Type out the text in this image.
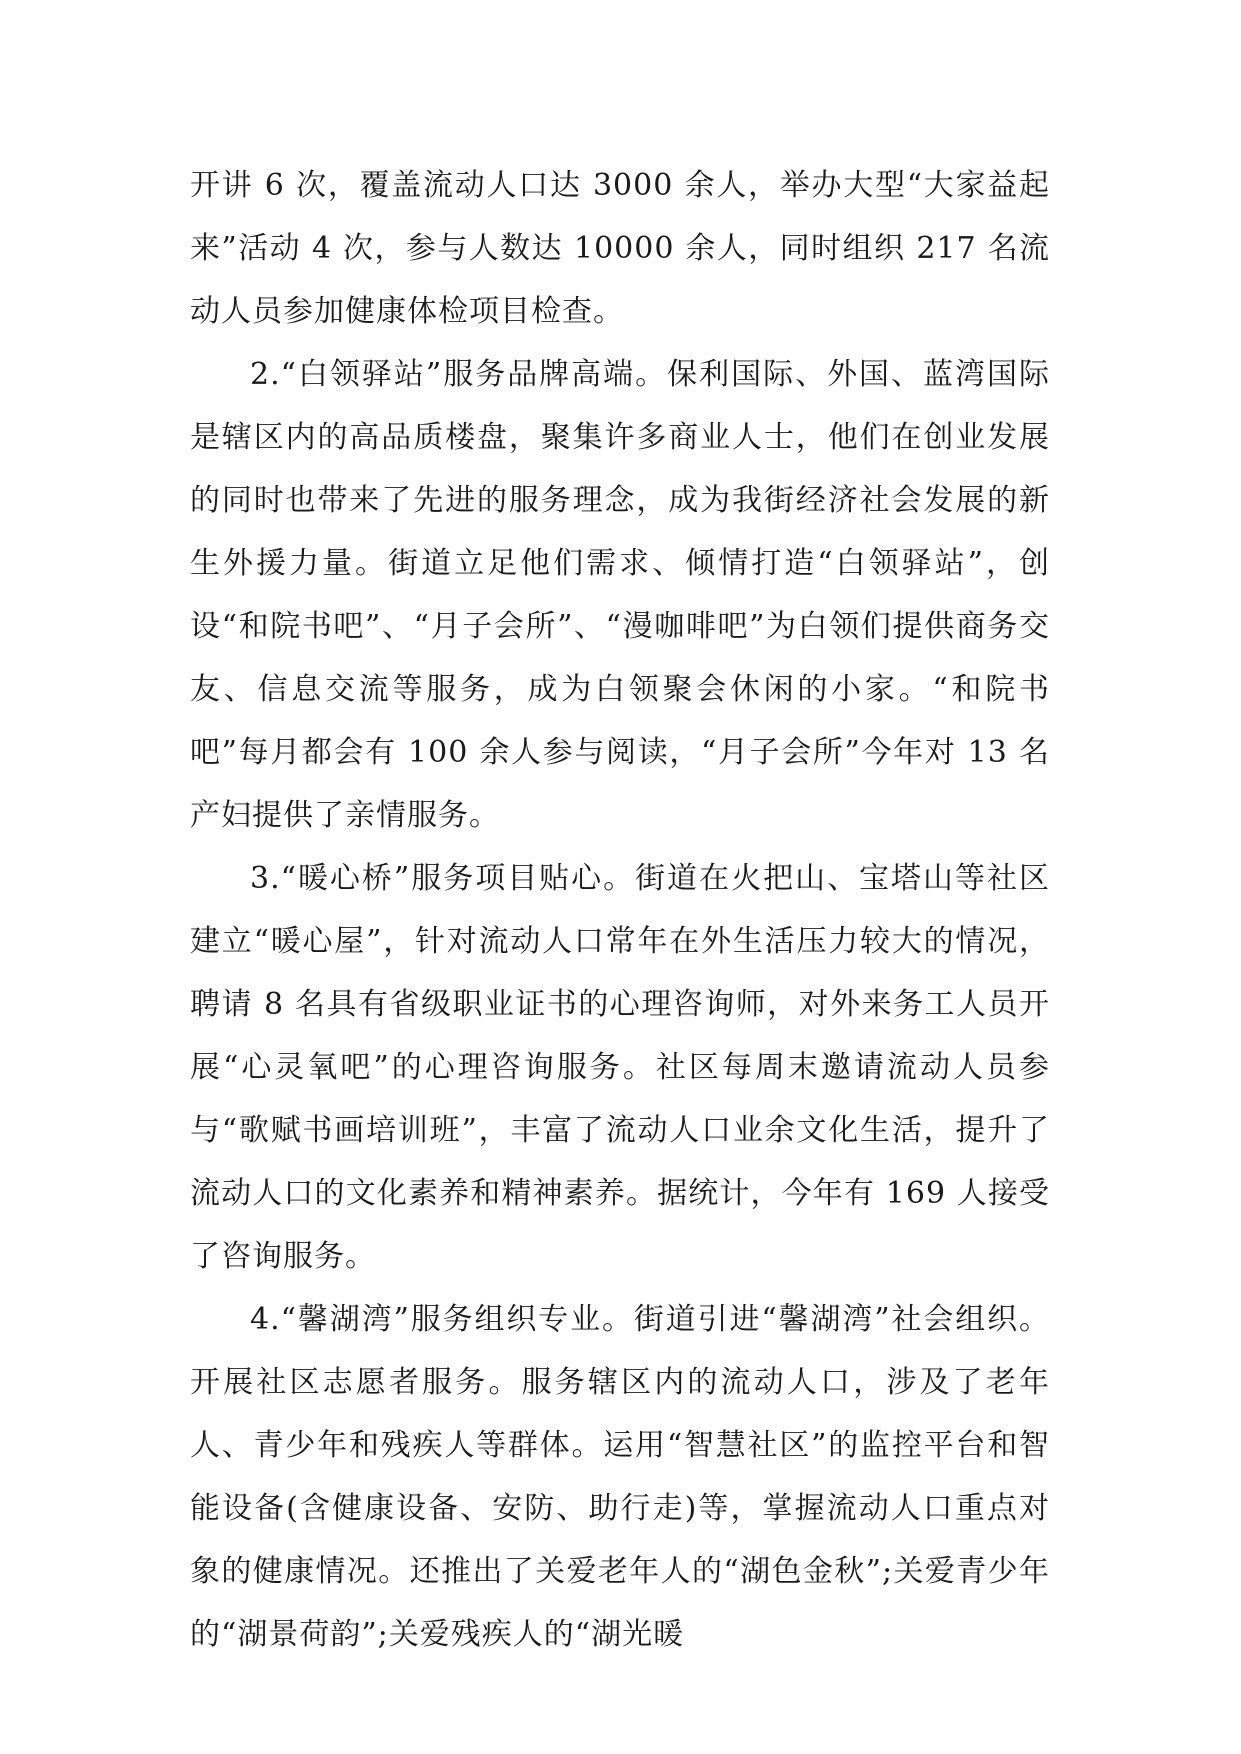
开讲 6 次，覆盖流动人口达 3000 余人，举办大型“大家益起来”活动 4 次，参与人数达 10000 余人，同时组织 217 名流动人员参加健康体检项目检查。

2.“白领驿站”服务品牌高端。保利国际、外国、蓝湾国际是辖区内的高品质楼盘，聚集许多商业人士，他们在创业发展的同时也带来了先进的服务理念，成为我街经济社会发展的新生外援力量。街道立足他们需求、倾情打造“白领驿站”，创设“和院书吧”、“月子会所”、“漫咖啡吧”为白领们提供商务交友、信息交流等服务，成为白领聚会休闲的小家。“和院书吧”每月都会有 100 余人参与阅读，“月子会所”今年对 13 名产妇提供了亲情服务。

3.“暖心桥”服务项目贴心。街道在火把山、宝塔山等社区建立“暖心屋”，针对流动人口常年在外生活压力较大的情况，聘请 8 名具有省级职业证书的心理咨询师，对外来务工人员开展“心灵氧吧”的心理咨询服务。社区每周末邀请流动人员参与“歌赋书画培训班”，丰富了流动人口业余文化生活，提升了流动人口的文化素养和精神素养。据统计，今年有 169 人接受了咨询服务。

4.“馨湖湾”服务组织专业。街道引进“馨湖湾”社会组织。开展社区志愿者服务。服务辖区内的流动人口，涉及了老年人、青少年和残疾人等群体。运用“智慧社区”的监控平台和智能设备(含健康设备、安防、助行走)等，掌握流动人口重点对象的健康情况。还推出了关爱老年人的“湖色金秋”;关爱青少年的“湖景荷韵”;关爱残疾人的“湖光暖
